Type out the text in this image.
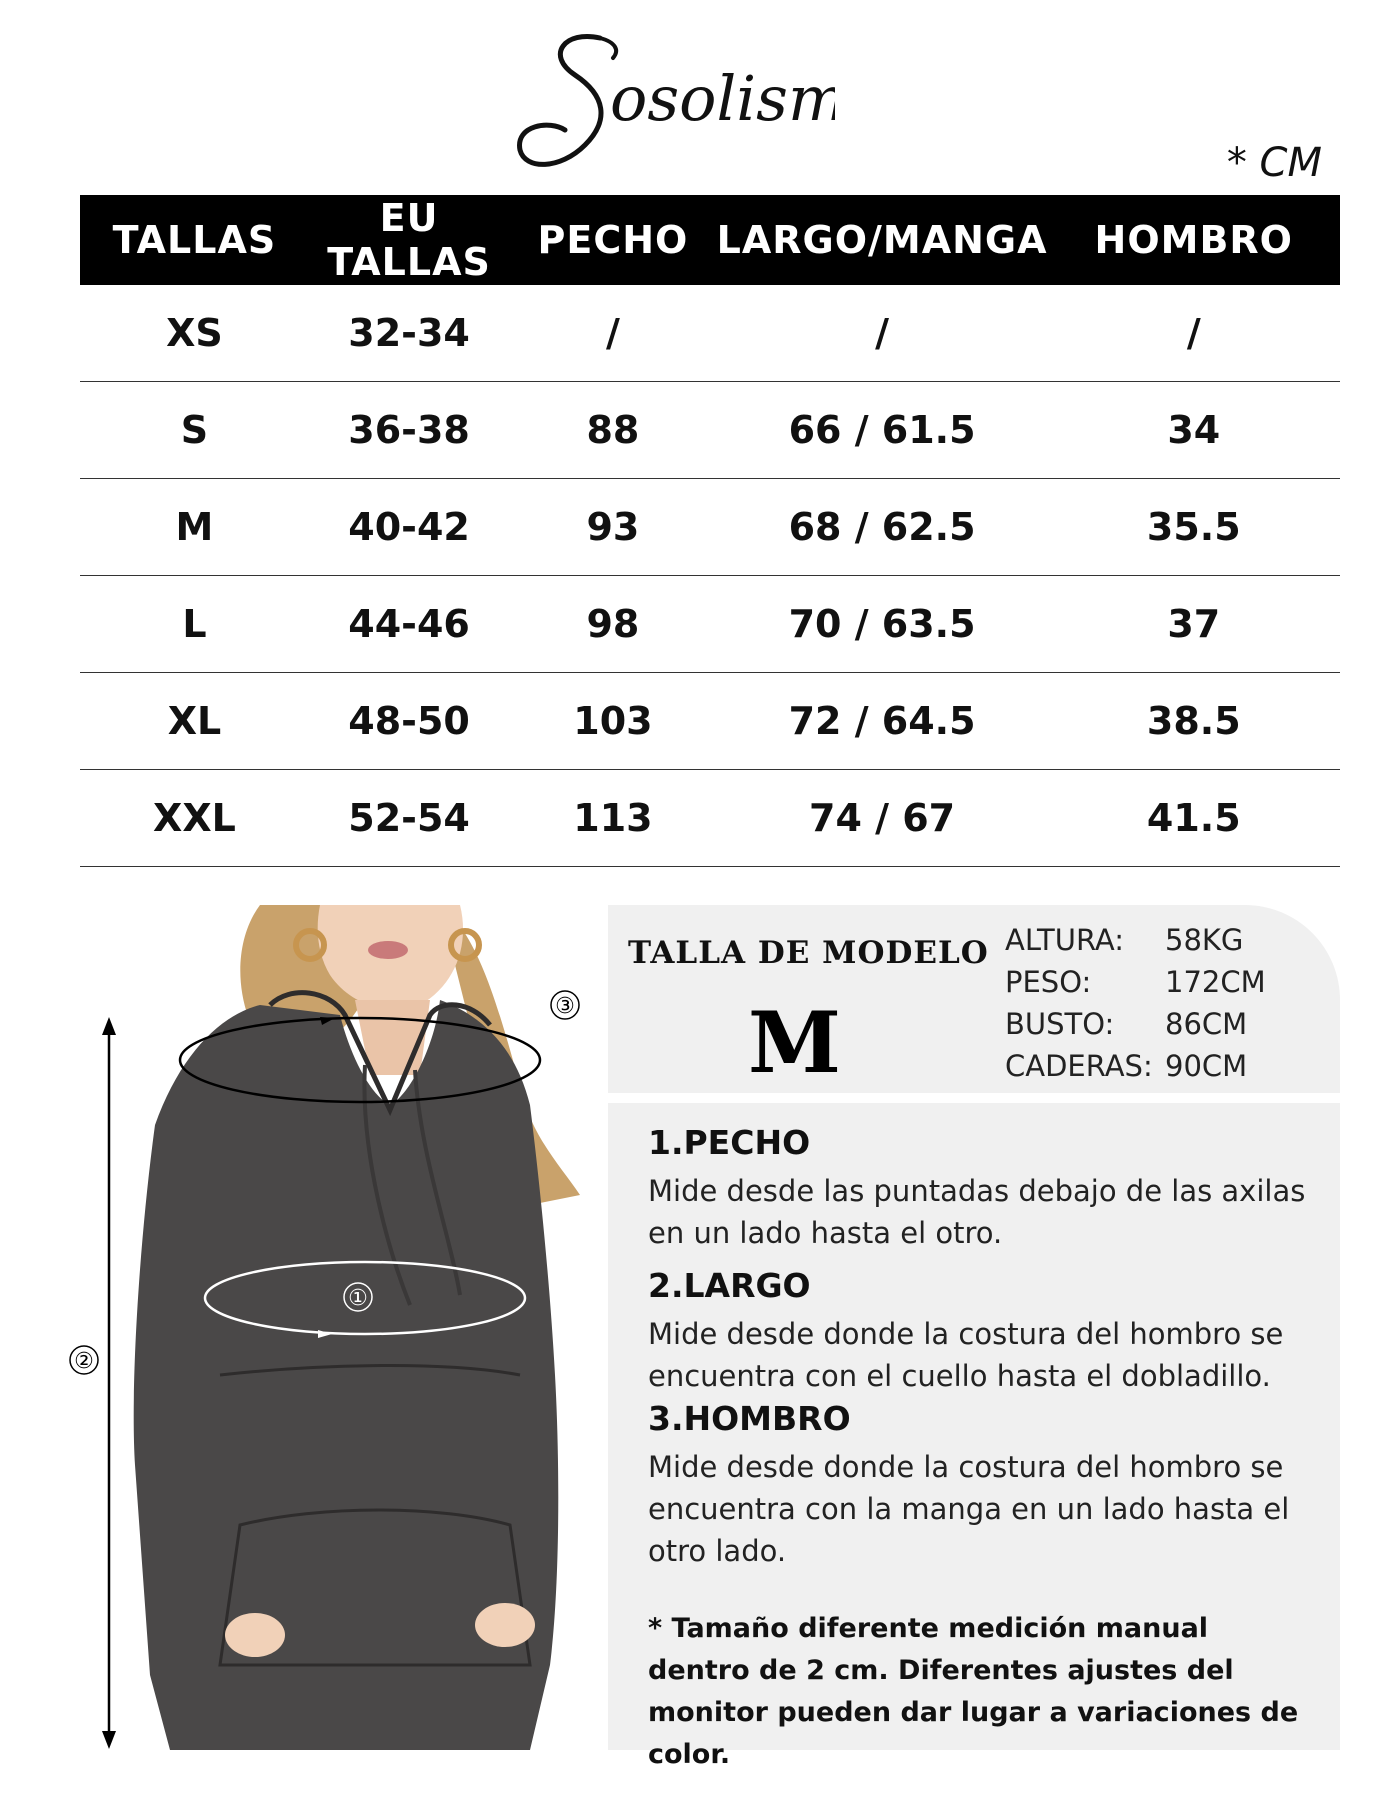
osolism
* CM
TALLAS	EU TALLAS	PECHO	LARGO/MANGA	HOMBRO
XS	32-34	/	/	/
S	36-38	88	66 / 61.5	34
M	40-42	93	68 / 62.5	35.5
L	44-46	98	70 / 63.5	37
XL	48-50	103	72 / 64.5	38.5
XXL	52-54	113	74 / 67	41.5
③
①
②
TALLA DE MODELO
M
ALTURA:	58KG
PESO:	172CM
BUSTO:	86CM
CADERAS: 90CM
1.PECHO
Mide desde las puntadas debajo de las axilas en un lado hasta el otro.
2.LARGO
Mide desde donde la costura del hombro se encuentra con el cuello hasta el dobladillo.
3.HOMBRO
Mide desde donde la costura del hombro se encuentra con la manga en un lado hasta el otro lado.
* Tamaño diferente medición manual dentro de 2 cm. Diferentes ajustes del monitor pueden dar lugar a variaciones de color.
